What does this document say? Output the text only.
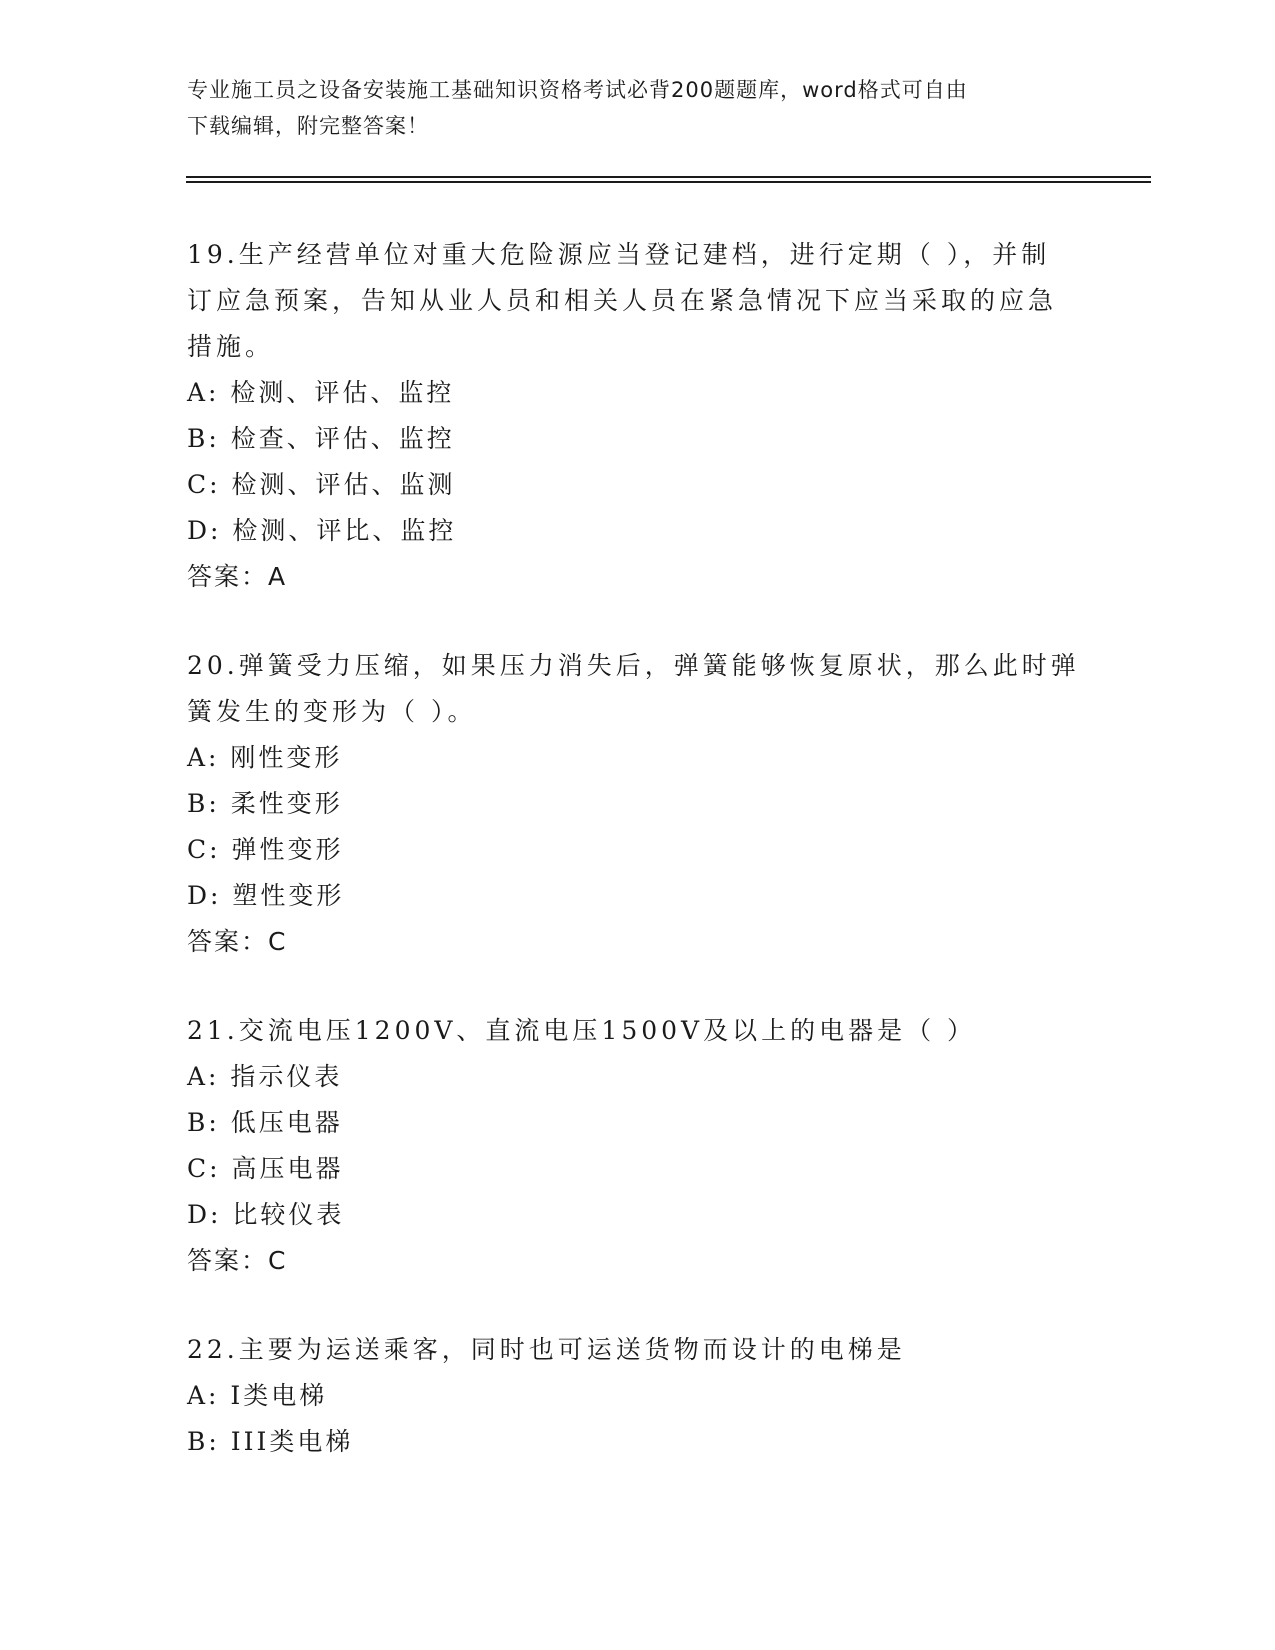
专业施工员之设备安装施工基础知识资格考试必背200题题库，word格式可自由
下载编辑，附完整答案！
19.生产经营单位对重大危险源应当登记建档，进行定期（ ），并制
订应急预案，告知从业人员和相关人员在紧急情况下应当采取的应急
措施。
A: 检测、评估、监控
B: 检查、评估、监控
C: 检测、评估、监测
D: 检测、评比、监控
答案：A
20.弹簧受力压缩，如果压力消失后，弹簧能够恢复原状，那么此时弹
簧发生的变形为（ ）。
A: 刚性变形
B: 柔性变形
C: 弹性变形
D: 塑性变形
答案：C
21.交流电压1200V、直流电压1500V及以上的电器是（ ）
A: 指示仪表
B: 低压电器
C: 高压电器
D: 比较仪表
答案：C
22.主要为运送乘客，同时也可运送货物而设计的电梯是
A: I类电梯
B: III类电梯
